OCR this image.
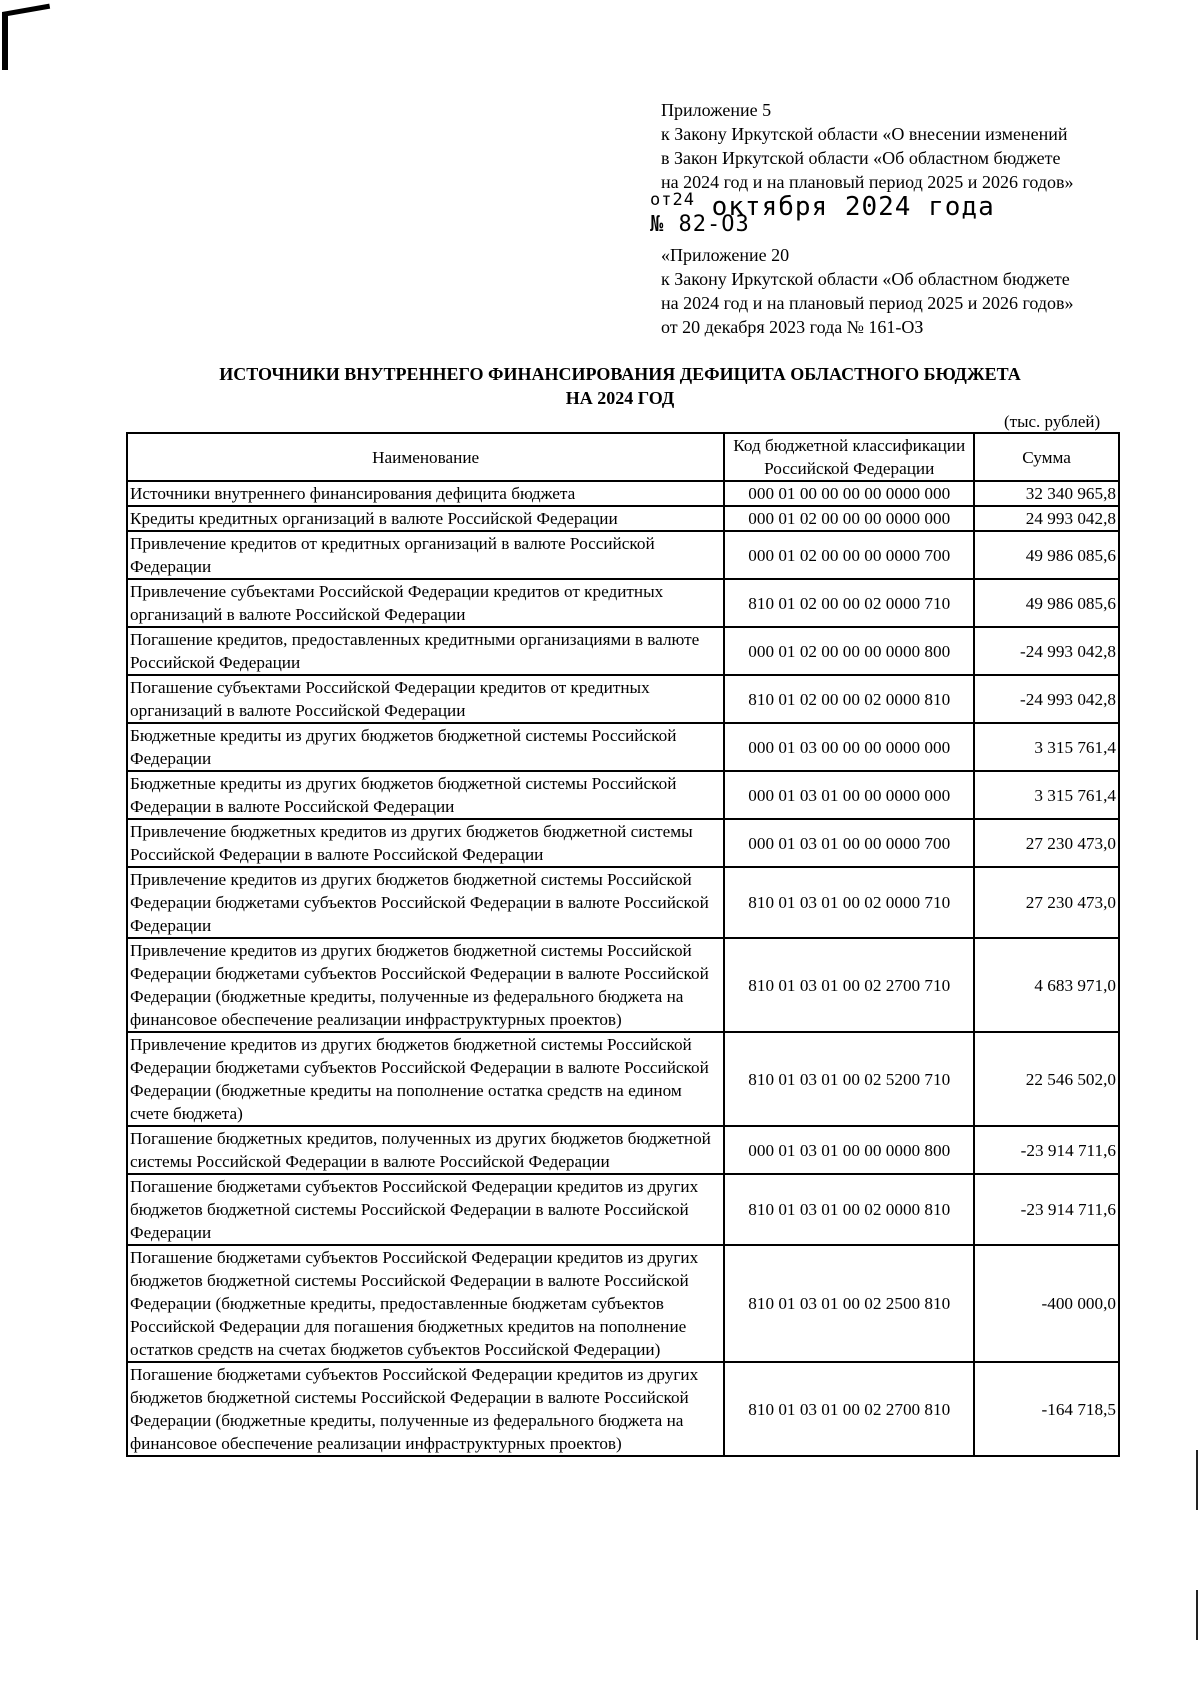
Приложение 5
к Закону Иркутской области «О внесении изменений
в Закон Иркутской области «Об областном бюджете
на 2024 год и на плановый период 2025 и 2026 годов»
$^{от24}$ октября 2024 года
№ 82-ОЗ
«Приложение 20
к Закону Иркутской области «Об областном бюджете
на 2024 год и на плановый период 2025 и 2026 годов»
от 20 декабря 2023 года № 161-ОЗ
ИСТОЧНИКИ ВНУТРЕННЕГО ФИНАНСИРОВАНИЯ ДЕФИЦИТА ОБЛАСТНОГО БЮДЖЕТА
НА 2024 ГОД
(тыс. рублей)
Наименование	Код бюджетной классификации Российской Федерации	Сумма
Источники внутреннего финансирования дефицита бюджета	000 01 00 00 00 00 0000 000	32 340 965,8
Кредиты кредитных организаций в валюте Российской Федерации	000 01 02 00 00 00 0000 000	24 993 042,8
Привлечение кредитов от кредитных организаций в валюте Российской Федерации	000 01 02 00 00 00 0000 700	49 986 085,6
Привлечение субъектами Российской Федерации кредитов от кредитных организаций в валюте Российской Федерации	810 01 02 00 00 02 0000 710	49 986 085,6
Погашение кредитов, предоставленных кредитными организациями в валюте Российской Федерации	000 01 02 00 00 00 0000 800	-24 993 042,8
Погашение субъектами Российской Федерации кредитов от кредитных организаций в валюте Российской Федерации	810 01 02 00 00 02 0000 810	-24 993 042,8
Бюджетные кредиты из других бюджетов бюджетной системы Российской Федерации	000 01 03 00 00 00 0000 000	3 315 761,4
Бюджетные кредиты из других бюджетов бюджетной системы Российской Федерации в валюте Российской Федерации	000 01 03 01 00 00 0000 000	3 315 761,4
Привлечение бюджетных кредитов из других бюджетов бюджетной системы Российской Федерации в валюте Российской Федерации	000 01 03 01 00 00 0000 700	27 230 473,0
Привлечение кредитов из других бюджетов бюджетной системы Российской Федерации бюджетами субъектов Российской Федерации в валюте Российской Федерации	810 01 03 01 00 02 0000 710	27 230 473,0
Привлечение кредитов из других бюджетов бюджетной системы Российской Федерации бюджетами субъектов Российской Федерации в валюте Российской Федерации (бюджетные кредиты, полученные из федерального бюджета на финансовое обеспечение реализации инфраструктурных проектов)	810 01 03 01 00 02 2700 710	4 683 971,0
Привлечение кредитов из других бюджетов бюджетной системы Российской Федерации бюджетами субъектов Российской Федерации в валюте Российской Федерации (бюджетные кредиты на пополнение остатка средств на едином счете бюджета)	810 01 03 01 00 02 5200 710	22 546 502,0
Погашение бюджетных кредитов, полученных из других бюджетов бюджетной системы Российской Федерации в валюте Российской Федерации	000 01 03 01 00 00 0000 800	-23 914 711,6
Погашение бюджетами субъектов Российской Федерации кредитов из других бюджетов бюджетной системы Российской Федерации в валюте Российской Федерации	810 01 03 01 00 02 0000 810	-23 914 711,6
Погашение бюджетами субъектов Российской Федерации кредитов из других бюджетов бюджетной системы Российской Федерации в валюте Российской Федерации (бюджетные кредиты, предоставленные бюджетам субъектов Российской Федерации для погашения бюджетных кредитов на пополнение остатков средств на счетах бюджетов субъектов Российской Федерации)	810 01 03 01 00 02 2500 810	-400 000,0
Погашение бюджетами субъектов Российской Федерации кредитов из других бюджетов бюджетной системы Российской Федерации в валюте Российской Федерации (бюджетные кредиты, полученные из федерального бюджета на финансовое обеспечение реализации инфраструктурных проектов)	810 01 03 01 00 02 2700 810	-164 718,5
